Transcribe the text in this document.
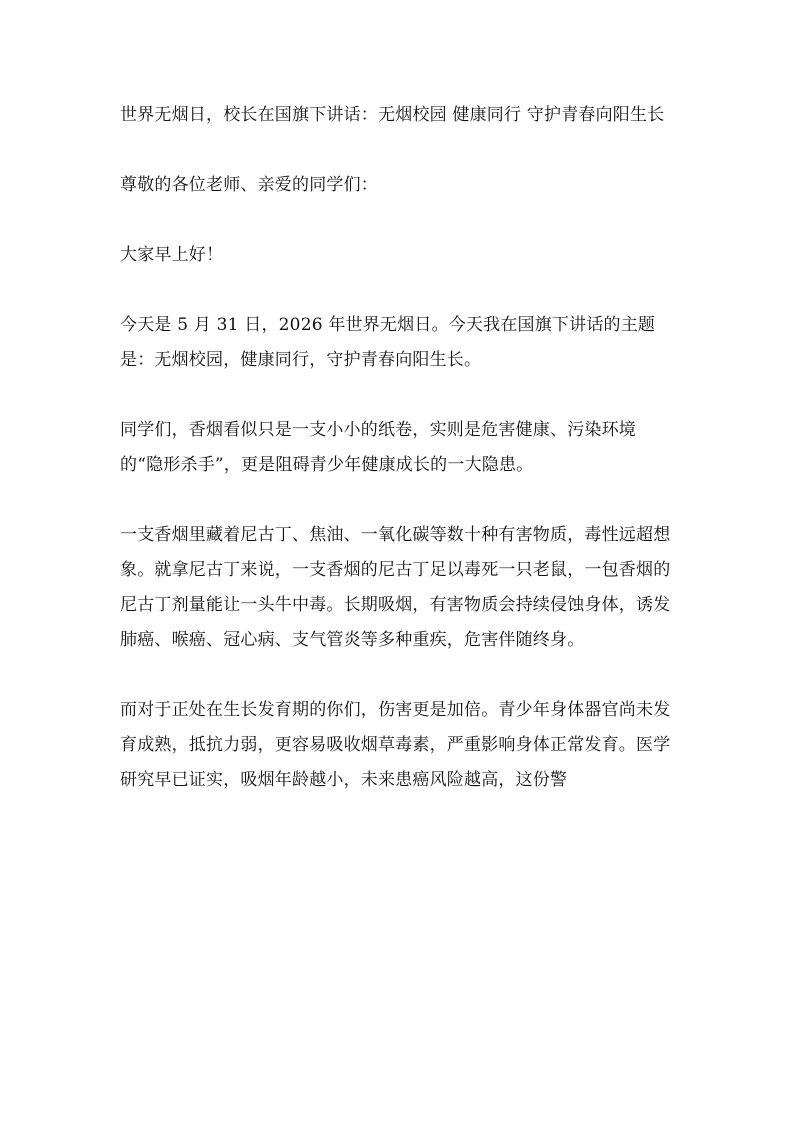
世界无烟日，校长在国旗下讲话：无烟校园 健康同行 守护青春向阳生长

尊敬的各位老师、亲爱的同学们：

大家早上好！

今天是 5 月 31 日，2026 年世界无烟日。今天我在国旗下讲话的主题是：无烟校园，健康同行，守护青春向阳生长。

同学们，香烟看似只是一支小小的纸卷，实则是危害健康、污染环境的“隐形杀手”，更是阻碍青少年健康成长的一大隐患。

一支香烟里藏着尼古丁、焦油、一氧化碳等数十种有害物质，毒性远超想象。就拿尼古丁来说，一支香烟的尼古丁足以毒死一只老鼠，一包香烟的尼古丁剂量能让一头牛中毒。长期吸烟，有害物质会持续侵蚀身体，诱发肺癌、喉癌、冠心病、支气管炎等多种重疾，危害伴随终身。

而对于正处在生长发育期的你们，伤害更是加倍。青少年身体器官尚未发育成熟，抵抗力弱，更容易吸收烟草毒素，严重影响身体正常发育。医学研究早已证实，吸烟年龄越小，未来患癌风险越高，这份警
